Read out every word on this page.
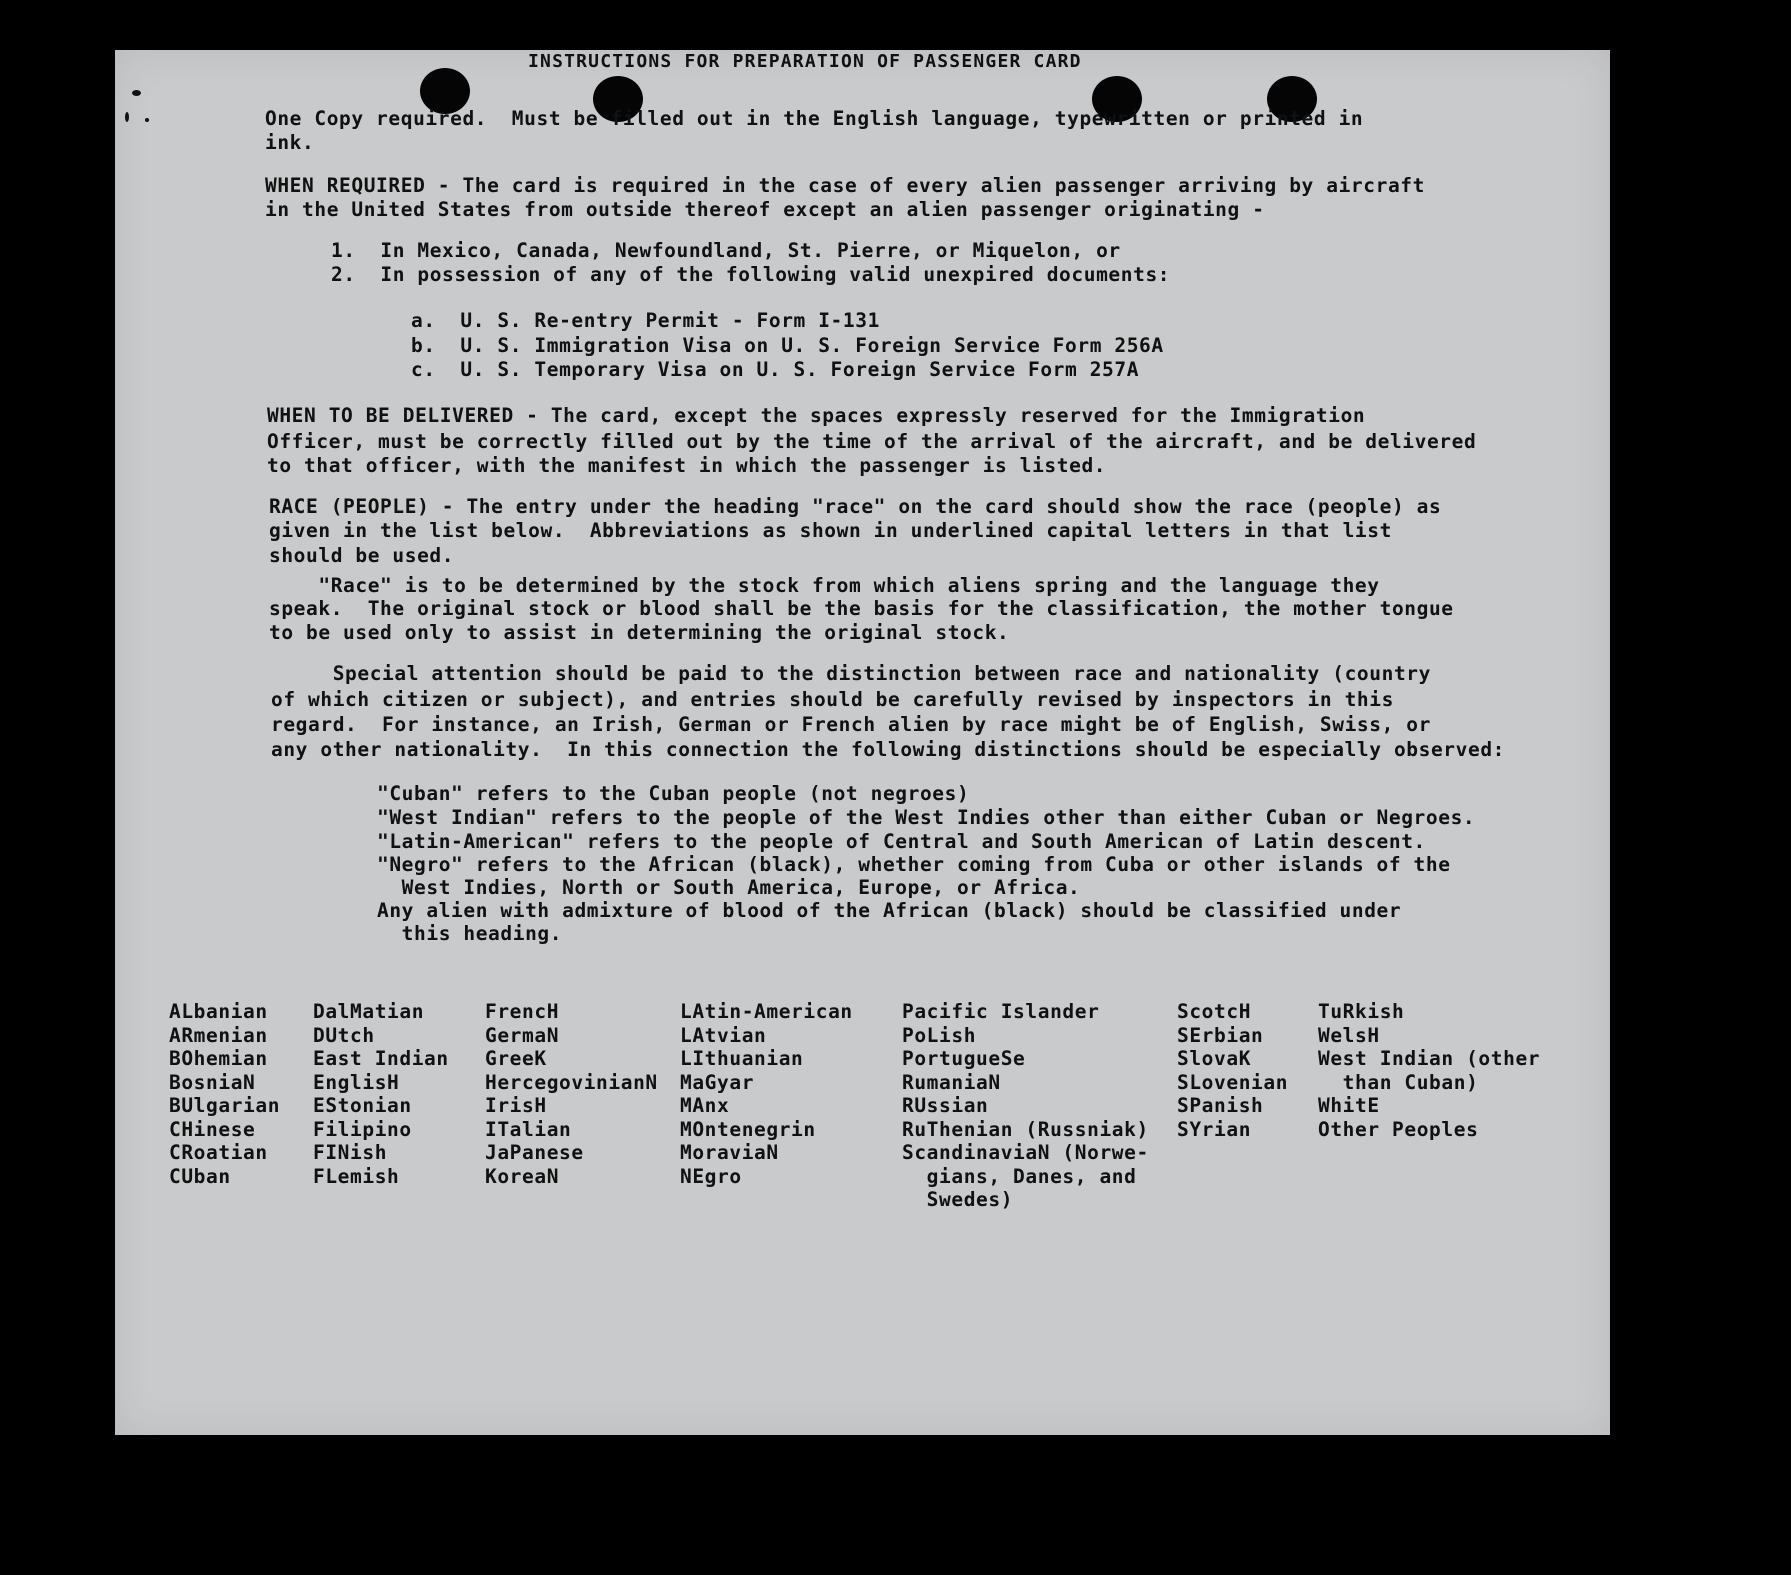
INSTRUCTIONS FOR PREPARATION OF PASSENGER CARD
One Copy required.  Must be filled out in the English language, typewritten or printed in
ink.
WHEN REQUIRED - The card is required in the case of every alien passenger arriving by aircraft
in the United States from outside thereof except an alien passenger originating -
1.  In Mexico, Canada, Newfoundland, St. Pierre, or Miquelon, or
2.  In possession of any of the following valid unexpired documents:
a.  U. S. Re-entry Permit - Form I-131
b.  U. S. Immigration Visa on U. S. Foreign Service Form 256A
c.  U. S. Temporary Visa on U. S. Foreign Service Form 257A
WHEN TO BE DELIVERED - The card, except the spaces expressly reserved for the Immigration
Officer, must be correctly filled out by the time of the arrival of the aircraft, and be delivered
to that officer, with the manifest in which the passenger is listed.
RACE (PEOPLE) - The entry under the heading "race" on the card should show the race (people) as
given in the list below.  Abbreviations as shown in underlined capital letters in that list
should be used.
"Race" is to be determined by the stock from which aliens spring and the language they
speak.  The original stock or blood shall be the basis for the classification, the mother tongue
to be used only to assist in determining the original stock.
Special attention should be paid to the distinction between race and nationality (country
of which citizen or subject), and entries should be carefully revised by inspectors in this
regard.  For instance, an Irish, German or French alien by race might be of English, Swiss, or
any other nationality.  In this connection the following distinctions should be especially observed:
"Cuban" refers to the Cuban people (not negroes)
"West Indian" refers to the people of the West Indies other than either Cuban or Negroes.
"Latin-American" refers to the people of Central and South American of Latin descent.
"Negro" refers to the African (black), whether coming from Cuba or other islands of the
West Indies, North or South America, Europe, or Africa.
Any alien with admixture of blood of the African (black) should be classified under
this heading.
ALbanian
ARmenian
BOhemian
BosniaN
BUlgarian
CHinese
CRoatian
CUban
DalMatian
DUtch
East Indian
EnglisH
EStonian
Filipino
FINish
FLemish
FrencH
GermaN
GreeK
HercegovinianN
IrisH
ITalian
JaPanese
KoreaN
LAtin-American
LAtvian
LIthuanian
MaGyar
MAnx
MOntenegrin
MoraviaN
NEgro
Pacific Islander
PoLish
PortugueSe
RumaniaN
RUssian
RuThenian (Russniak)
ScandinaviaN (Norwe-
gians, Danes, and
Swedes)
ScotcH
SErbian
SlovaK
SLovenian
SPanish
SYrian
TuRkish
WelsH
West Indian (other
than Cuban)
WhitE
Other Peoples
